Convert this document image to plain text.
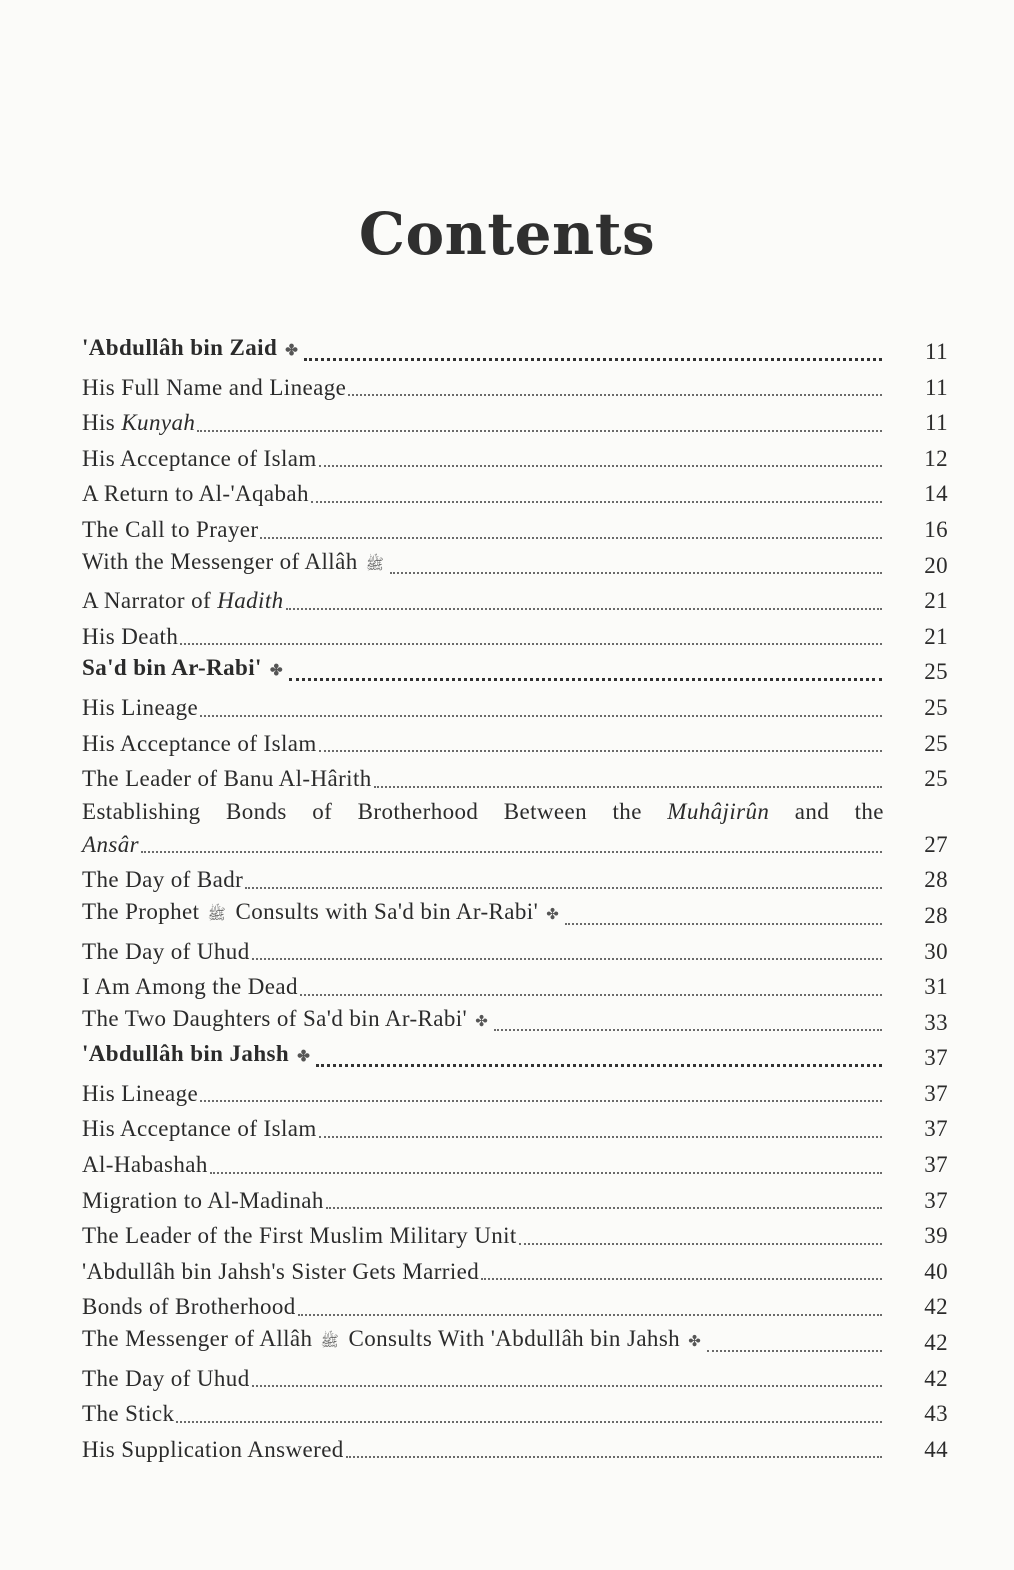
Contents
'Abdullâh bin Zaid ✤	11
His Full Name and Lineage	11
His Kunyah	11
His Acceptance of Islam	12
A Return to Al-'Aqabah	14
The Call to Prayer	16
With the Messenger of Allâh ﷺ	20
A Narrator of Hadith	21
His Death	21
Sa'd bin Ar-Rabi' ✤	25
His Lineage	25
His Acceptance of Islam	25
The Leader of Banu Al-Hârith	25
Establishing Bonds of Brotherhood Between the Muhâjirûn and the
Ansâr	27
The Day of Badr	28
The Prophet ﷺ Consults with Sa'd bin Ar-Rabi' ✤	28
The Day of Uhud	30
I Am Among the Dead	31
The Two Daughters of Sa'd bin Ar-Rabi' ✤	33
'Abdullâh bin Jahsh ✤	37
His Lineage	37
His Acceptance of Islam	37
Al-Habashah	37
Migration to Al-Madinah	37
The Leader of the First Muslim Military Unit	39
'Abdullâh bin Jahsh's Sister Gets Married	40
Bonds of Brotherhood	42
The Messenger of Allâh ﷺ Consults With 'Abdullâh bin Jahsh ✤	42
The Day of Uhud	42
The Stick	43
His Supplication Answered	44
